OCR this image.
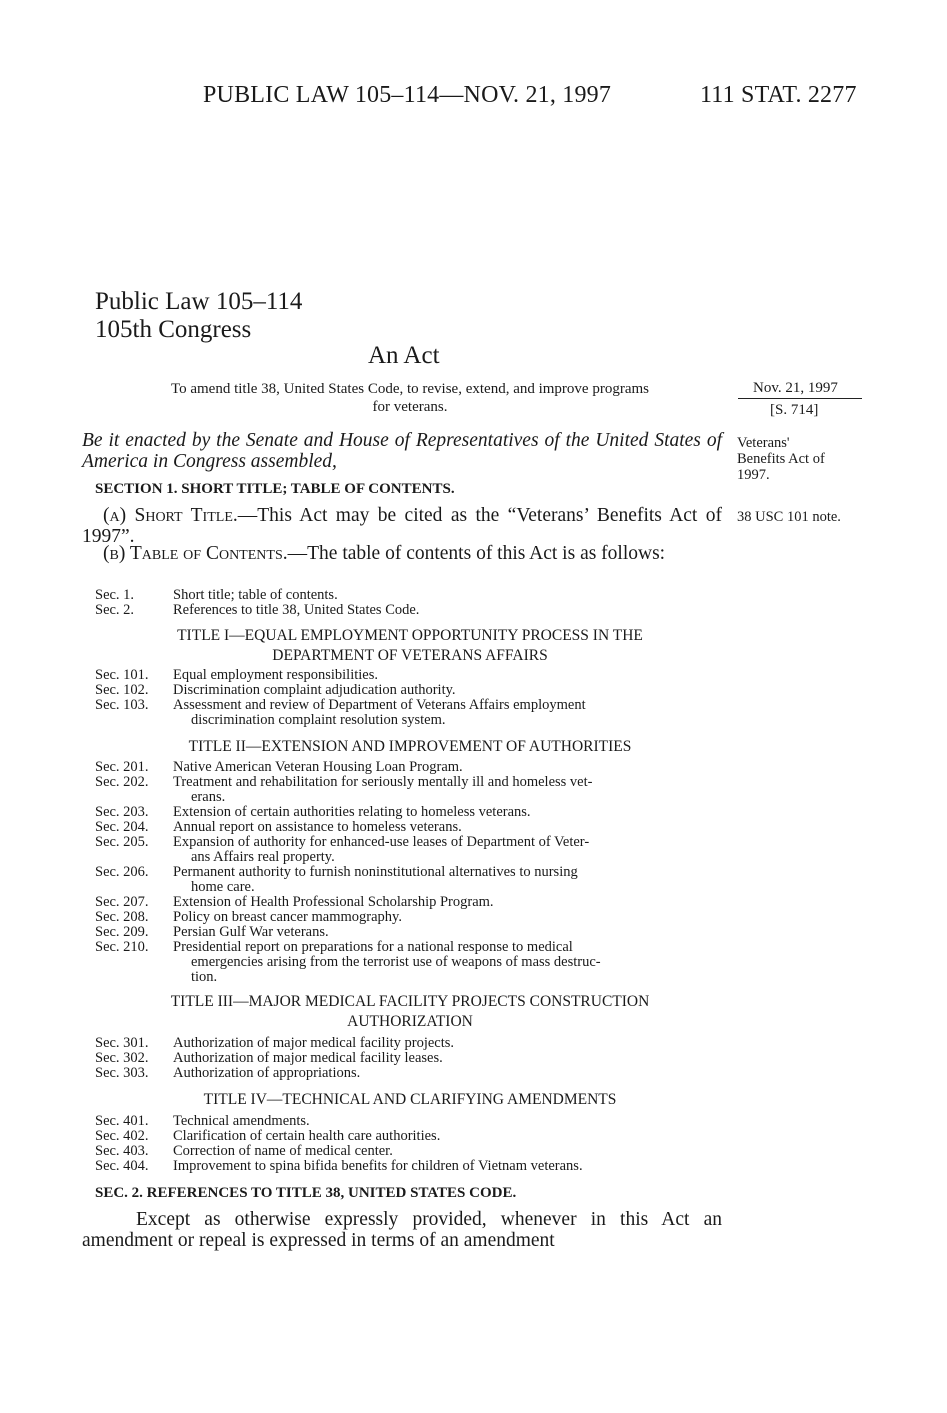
PUBLIC LAW 105–114—NOV. 21, 1997	111 STAT. 2277
Public Law 105–114
105th Congress
An Act
To amend title 38, United States Code, to revise, extend, and improve programs
for veterans.
Nov. 21, 1997
[S. 714]
Veterans'
Benefits Act of
1997.
38 USC 101 note.
Be it enacted by the Senate and House of Representatives of the United States of America in Congress assembled,
SECTION 1. SHORT TITLE; TABLE OF CONTENTS.
(a) Short Title.—This Act may be cited as the “Veterans’ Benefits Act of 1997”.
(b) Table of Contents.—The table of contents of this Act is as follows:
Sec. 1.	Short title; table of contents.
Sec. 2.	References to title 38, United States Code.
TITLE I—EQUAL EMPLOYMENT OPPORTUNITY PROCESS IN THE
DEPARTMENT OF VETERANS AFFAIRS
Sec. 101.	Equal employment responsibilities.
Sec. 102.	Discrimination complaint adjudication authority.
Sec. 103.	Assessment and review of Department of Veterans Affairs employment
discrimination complaint resolution system.
TITLE II—EXTENSION AND IMPROVEMENT OF AUTHORITIES
Sec. 201.	Native American Veteran Housing Loan Program.
Sec. 202.	Treatment and rehabilitation for seriously mentally ill and homeless vet-
erans.
Sec. 203.	Extension of certain authorities relating to homeless veterans.
Sec. 204.	Annual report on assistance to homeless veterans.
Sec. 205.	Expansion of authority for enhanced-use leases of Department of Veter-
ans Affairs real property.
Sec. 206.	Permanent authority to furnish noninstitutional alternatives to nursing
home care.
Sec. 207.	Extension of Health Professional Scholarship Program.
Sec. 208.	Policy on breast cancer mammography.
Sec. 209.	Persian Gulf War veterans.
Sec. 210.	Presidential report on preparations for a national response to medical
emergencies arising from the terrorist use of weapons of mass destruc-
tion.
TITLE III—MAJOR MEDICAL FACILITY PROJECTS CONSTRUCTION
AUTHORIZATION
Sec. 301.	Authorization of major medical facility projects.
Sec. 302.	Authorization of major medical facility leases.
Sec. 303.	Authorization of appropriations.
TITLE IV—TECHNICAL AND CLARIFYING AMENDMENTS
Sec. 401.	Technical amendments.
Sec. 402.	Clarification of certain health care authorities.
Sec. 403.	Correction of name of medical center.
Sec. 404.	Improvement to spina bifida benefits for children of Vietnam veterans.
SEC. 2. REFERENCES TO TITLE 38, UNITED STATES CODE.
Except as otherwise expressly provided, whenever in this Act an amendment or repeal is expressed in terms of an amendment
